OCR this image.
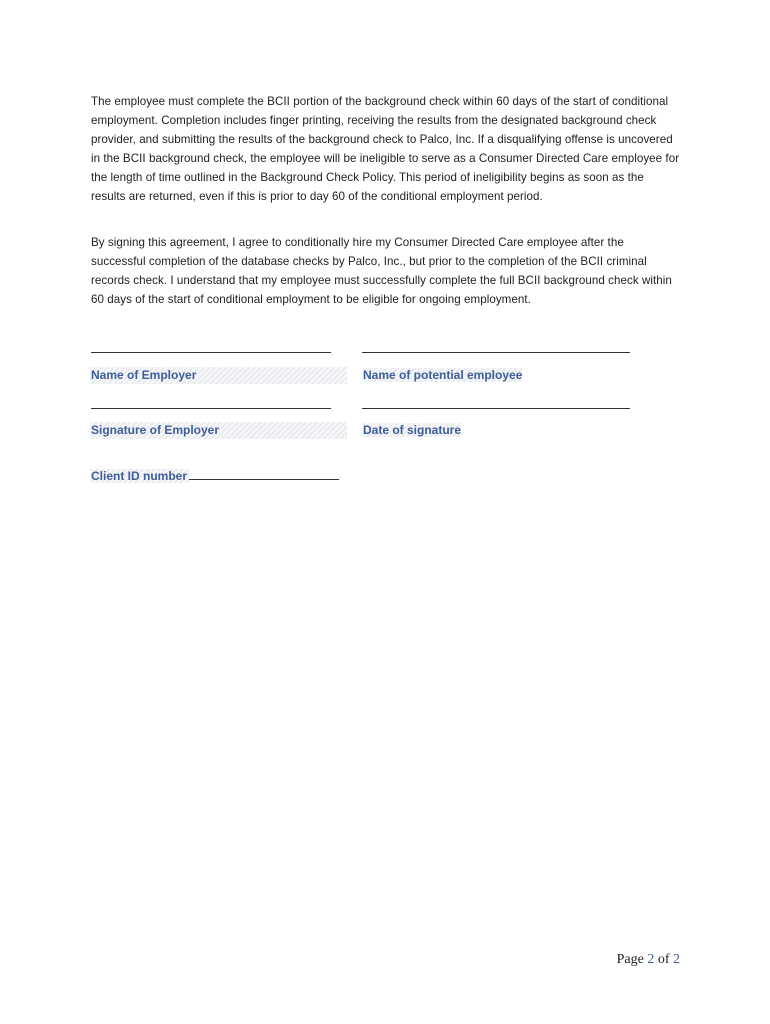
The employee must complete the BCII portion of the background check within 60 days of the start of conditional employment. Completion includes finger printing, receiving the results from the designated background check provider, and submitting the results of the background check to Palco, Inc. If a disqualifying offense is uncovered in the BCII background check, the employee will be ineligible to serve as a Consumer Directed Care employee for the length of time outlined in the Background Check Policy. This period of ineligibility begins as soon as the results are returned, even if this is prior to day 60 of the conditional employment period.

By signing this agreement, I agree to conditionally hire my Consumer Directed Care employee after the successful completion of the database checks by Palco, Inc., but prior to the completion of the BCII criminal records check. I understand that my employee must successfully complete the full BCII background check within 60 days of the start of conditional employment to be eligible for ongoing employment.

Name of Employer	Name of potential employee
Signature of Employer	Date of signature
Client ID number
Page 2 of 2
